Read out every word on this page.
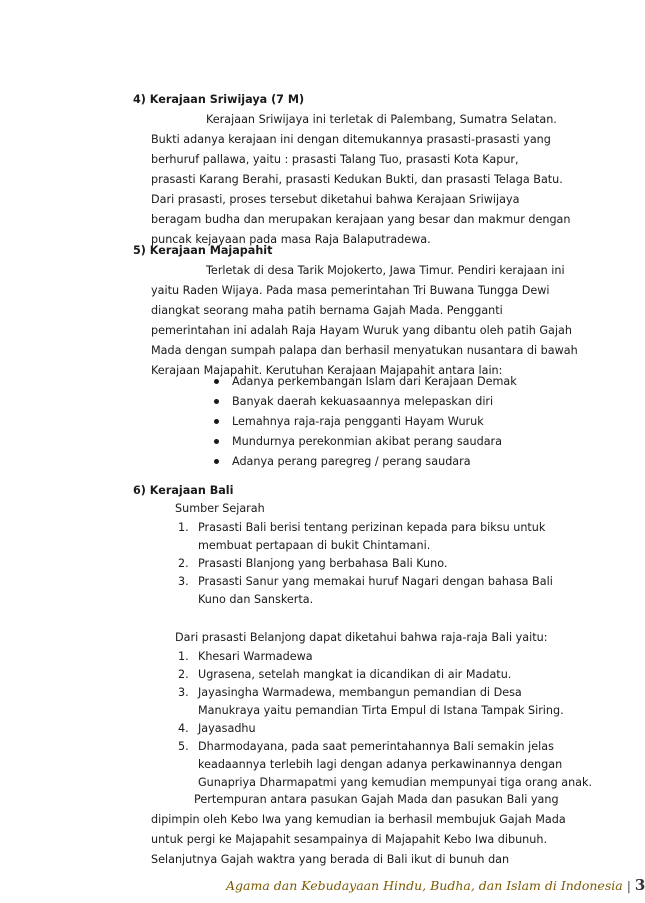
4) Kerajaan Sriwijaya (7 M)
Kerajaan Sriwijaya ini terletak di Palembang, Sumatra Selatan.
Bukti adanya kerajaan ini dengan ditemukannya prasasti-prasasti yang
berhuruf pallawa, yaitu : prasasti Talang Tuo, prasasti Kota Kapur,
prasasti Karang Berahi, prasasti Kedukan Bukti, dan prasasti Telaga Batu.
Dari prasasti, proses tersebut diketahui bahwa Kerajaan Sriwijaya
beragam budha dan merupakan kerajaan yang besar dan makmur dengan
puncak kejayaan pada masa Raja Balaputradewa.
5) Kerajaan Majapahit
Terletak di desa Tarik Mojokerto, Jawa Timur. Pendiri kerajaan ini
yaitu Raden Wijaya. Pada masa pemerintahan Tri Buwana Tungga Dewi
diangkat seorang maha patih bernama Gajah Mada. Pengganti
pemerintahan ini adalah Raja Hayam Wuruk yang dibantu oleh patih Gajah
Mada dengan sumpah palapa dan berhasil menyatukan nusantara di bawah
Kerajaan Majapahit. Kerutuhan Kerajaan Majapahit antara lain:
Adanya perkembangan Islam dari Kerajaan Demak
Banyak daerah kekuasaannya melepaskan diri
Lemahnya raja-raja pengganti Hayam Wuruk
Mundurnya perekonmian akibat perang saudara
Adanya perang paregreg / perang saudara
6) Kerajaan Bali
Sumber Sejarah
1. Prasasti Bali berisi tentang perizinan kepada para biksu untuk
membuat pertapaan di bukit Chintamani.
2. Prasasti Blanjong yang berbahasa Bali Kuno.
3. Prasasti Sanur yang memakai huruf Nagari dengan bahasa Bali
Kuno dan Sanskerta.
Dari prasasti Belanjong dapat diketahui bahwa raja-raja Bali yaitu:
1. Khesari Warmadewa
2. Ugrasena, setelah mangkat ia dicandikan di air Madatu.
3. Jayasingha Warmadewa, membangun pemandian di Desa
Manukraya yaitu pemandian Tirta Empul di Istana Tampak Siring.
4. Jayasadhu
5. Dharmodayana, pada saat pemerintahannya Bali semakin jelas
keadaannya terlebih lagi dengan adanya perkawinannya dengan
Gunapriya Dharmapatmi yang kemudian mempunyai tiga orang anak.
Pertempuran antara pasukan Gajah Mada dan pasukan Bali yang
dipimpin oleh Kebo Iwa yang kemudian ia berhasil membujuk Gajah Mada
untuk pergi ke Majapahit sesampainya di Majapahit Kebo Iwa dibunuh.
Selanjutnya Gajah waktra yang berada di Bali ikut di bunuh dan
Agama dan Kebudayaan Hindu, Budha, dan Islam di Indonesia | 3
